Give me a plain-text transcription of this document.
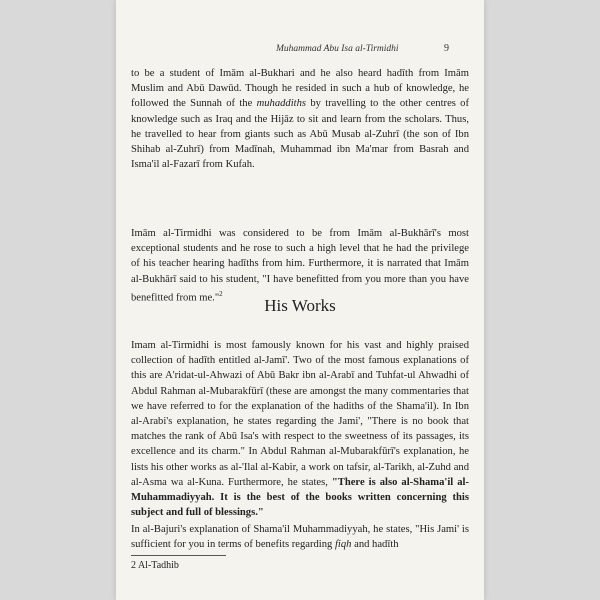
Muhammad Abu Isa al-Tirmidhi	9

to be a student of Imām al-Bukhari and he also heard hadīth from Imām Muslim and Abū Dawūd. Though he resided in such a hub of knowledge, he followed the Sunnah of the muhaddiths by travelling to the other centres of knowledge such as Iraq and the Hijāz to sit and learn from the scholars. Thus, he travelled to hear from giants such as Abū Musab al-Zuhrī (the son of Ibn Shihab al-Zuhrī) from Madīnah, Muhammad ibn Ma'mar from Basrah and Isma'il al-Fazarī from Kufah.

Imām al-Tirmidhi was considered to be from Imām al-Bukhārī's most exceptional students and he rose to such a high level that he had the privilege of his teacher hearing hadīths from him. Furthermore, it is narrated that Imām al-Bukhārī said to his student, "I have benefitted from you more than you have benefitted from me."$^2$

His Works

Imam al-Tirmidhi is most famously known for his vast and highly praised collection of hadīth entitled al-Jamī'. Two of the most famous explanations of this are A'ridat-ul-Ahwazi of Abū Bakr ibn al-Arabī and Tuhfat-ul Ahwadhi of Abdul Rahman al-Mubarakfūrī (these are amongst the many commentaries that we have referred to for the explanation of the hadiths of the Shama'il). In Ibn al-Arabi's explanation, he states regarding the Jami', "There is no book that matches the rank of Abū Isa's with respect to the sweetness of its passages, its excellence and its charm." In Abdul Rahman al-Mubarakfūrī's explanation, he lists his other works as al-'Ilal al-Kabir, a work on tafsir, al-Tarikh, al-Zuhd and al-Asma wa al-Kuna. Furthermore, he states, "There is also al-Shama'il al-Muhammadiyyah. It is the best of the books written concerning this subject and full of blessings."

In al-Bajuri's explanation of Shama'il Muhammadiyyah, he states, "His Jami' is sufficient for you in terms of benefits regarding fiqh and hadīth

2 Al-Tadhib
